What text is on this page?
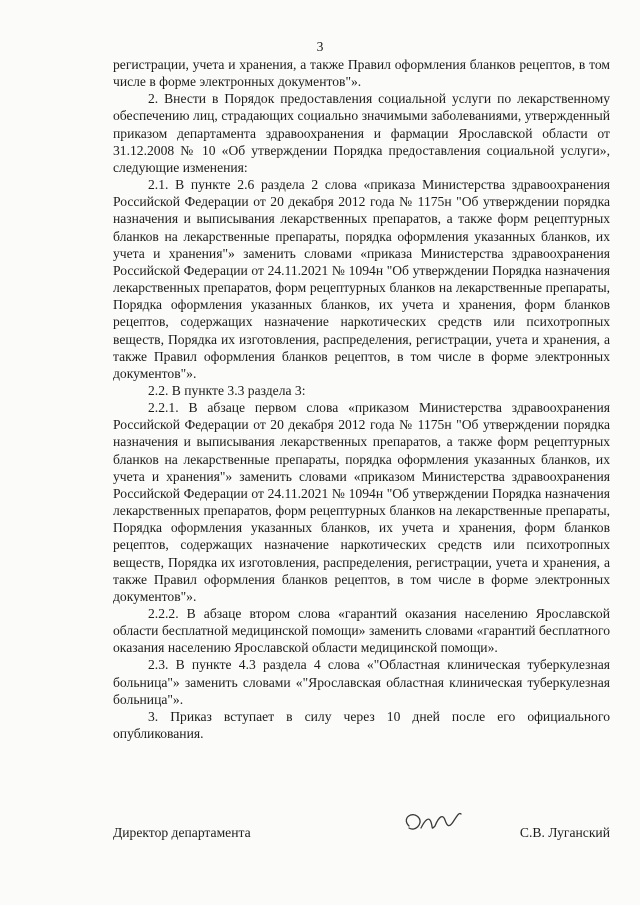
3

регистрации, учета и хранения, а также Правил оформления бланков рецептов, в том числе в форме электронных документов"».

2. Внести в Порядок предоставления социальной услуги по лекарственному обеспечению лиц, страдающих социально значимыми заболеваниями, утвержденный приказом департамента здравоохранения и фармации Ярославской области от 31.12.2008 № 10 «Об утверждении Порядка предоставления социальной услуги», следующие изменения:

2.1. В пункте 2.6 раздела 2 слова «приказа Министерства здравоохранения Российской Федерации от 20 декабря 2012 года № 1175н "Об утверждении порядка назначения и выписывания лекарственных препаратов, а также форм рецептурных бланков на лекарственные препараты, порядка оформления указанных бланков, их учета и хранения"» заменить словами «приказа Министерства здравоохранения Российской Федерации от 24.11.2021 № 1094н "Об утверждении Порядка назначения лекарственных препаратов, форм рецептурных бланков на лекарственные препараты, Порядка оформления указанных бланков, их учета и хранения, форм бланков рецептов, содержащих назначение наркотических средств или психотропных веществ, Порядка их изготовления, распределения, регистрации, учета и хранения, а также Правил оформления бланков рецептов, в том числе в форме электронных документов"».

2.2. В пункте 3.3 раздела 3:

2.2.1. В абзаце первом слова «приказом Министерства здравоохранения Российской Федерации от 20 декабря 2012 года № 1175н "Об утверждении порядка назначения и выписывания лекарственных препаратов, а также форм рецептурных бланков на лекарственные препараты, порядка оформления указанных бланков, их учета и хранения"» заменить словами «приказом Министерства здравоохранения Российской Федерации от 24.11.2021 № 1094н "Об утверждении Порядка назначения лекарственных препаратов, форм рецептурных бланков на лекарственные препараты, Порядка оформления указанных бланков, их учета и хранения, форм бланков рецептов, содержащих назначение наркотических средств или психотропных веществ, Порядка их изготовления, распределения, регистрации, учета и хранения, а также Правил оформления бланков рецептов, в том числе в форме электронных документов"».

2.2.2. В абзаце втором слова «гарантий оказания населению Ярославской области бесплатной медицинской помощи» заменить словами «гарантий бесплатного оказания населению Ярославской области медицинской помощи».

2.3. В пункте 4.3 раздела 4 слова «"Областная клиническая туберкулезная больница"» заменить словами «"Ярославская областная клиническая туберкулезная больница"».

3. Приказ вступает в силу через 10 дней после его официального опубликования.

Директор департамента	С.В. Луганский
